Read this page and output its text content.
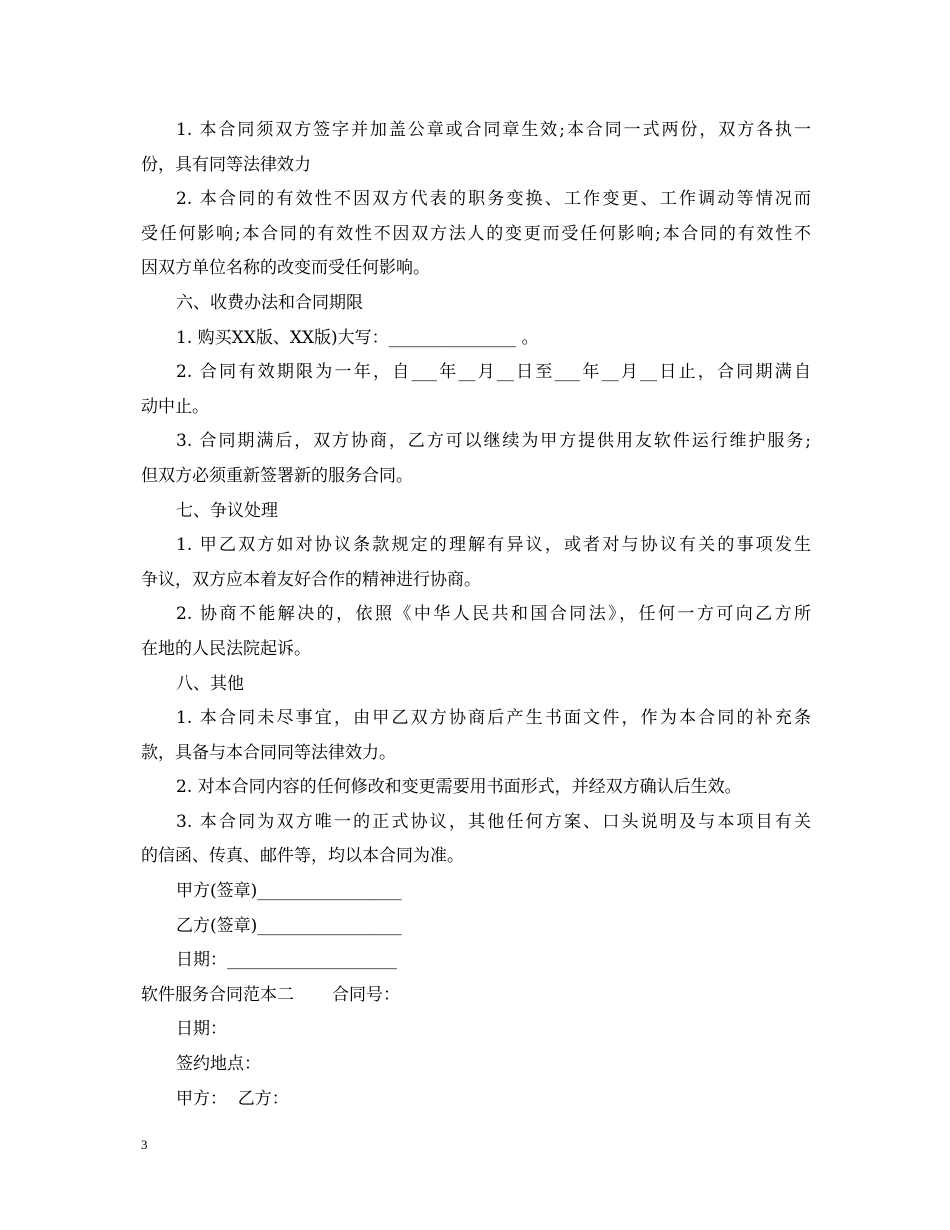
1. 本合同须双方签字并加盖公章或合同章生效;本合同一式两份，双方各执一
份，具有同等法律效力
2. 本合同的有效性不因双方代表的职务变换、工作变更、工作调动等情况而
受任何影响;本合同的有效性不因双方法人的变更而受任何影响;本合同的有效性不
因双方单位名称的改变而受任何影响。
六、收费办法和合同期限
1. 购买XX版、XX版)大写：_______________ 。
2. 合同有效期限为一年，自___年__月__日至___年__月__日止，合同期满自
动中止。
3. 合同期满后，双方协商，乙方可以继续为甲方提供用友软件运行维护服务;
但双方必须重新签署新的服务合同。
七、争议处理
1. 甲乙双方如对协议条款规定的理解有异议，或者对与协议有关的事项发生
争议，双方应本着友好合作的精神进行协商。
2. 协商不能解决的，依照《中华人民共和国合同法》，任何一方可向乙方所
在地的人民法院起诉。
八、其他
1. 本合同未尽事宜，由甲乙双方协商后产生书面文件，作为本合同的补充条
款，具备与本合同同等法律效力。
2. 对本合同内容的任何修改和变更需要用书面形式，并经双方确认后生效。
3. 本合同为双方唯一的正式协议，其他任何方案、口头说明及与本项目有关
的信函、传真、邮件等，均以本合同为准。
甲方(签章)_________________
乙方(签章)_________________
日期：____________________
软件服务合同范本二 合同号：
日期：
签约地点：
甲方：  乙方：
3
